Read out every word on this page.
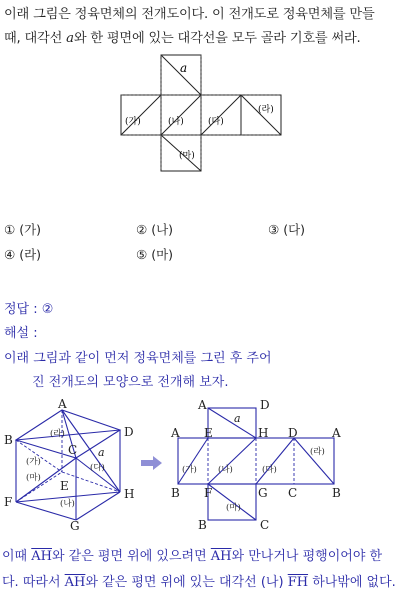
이래 그림은 정육면체의 전개도이다. 이 전개도로 정육면체를 만들
때, 대각선 a와 한 평면에 있는 대각선을 모두 골라 기호를 써라.
a
(가)	(나)	(다)
(라)
(마)
① (가)	② (나)	③ (다)
④ (라)	⑤ (마)
정답 : ②
해설 :
이래 그림과 같이 먼저 정육면체를 그린 후 주어
진 전개도의 모양으로 전개해 보자.
A
B
C
D
E
F
G
H
(라)
(가)
(마)
(다)
(나)
a
A	D
A E	H D	A
B F	G C	B
B	C
a
(가) (나)	(다)
(라)
(마)
이때 $\overline{AH}$와 같은 평면 위에 있으려면 $\overline{AH}$와 만나거나 평행이어야 한
다. 따라서 $\overline{AH}$와 같은 평면 위에 있는 대각선 (나) $\overline{FH}$ 하나밖에 없다.
